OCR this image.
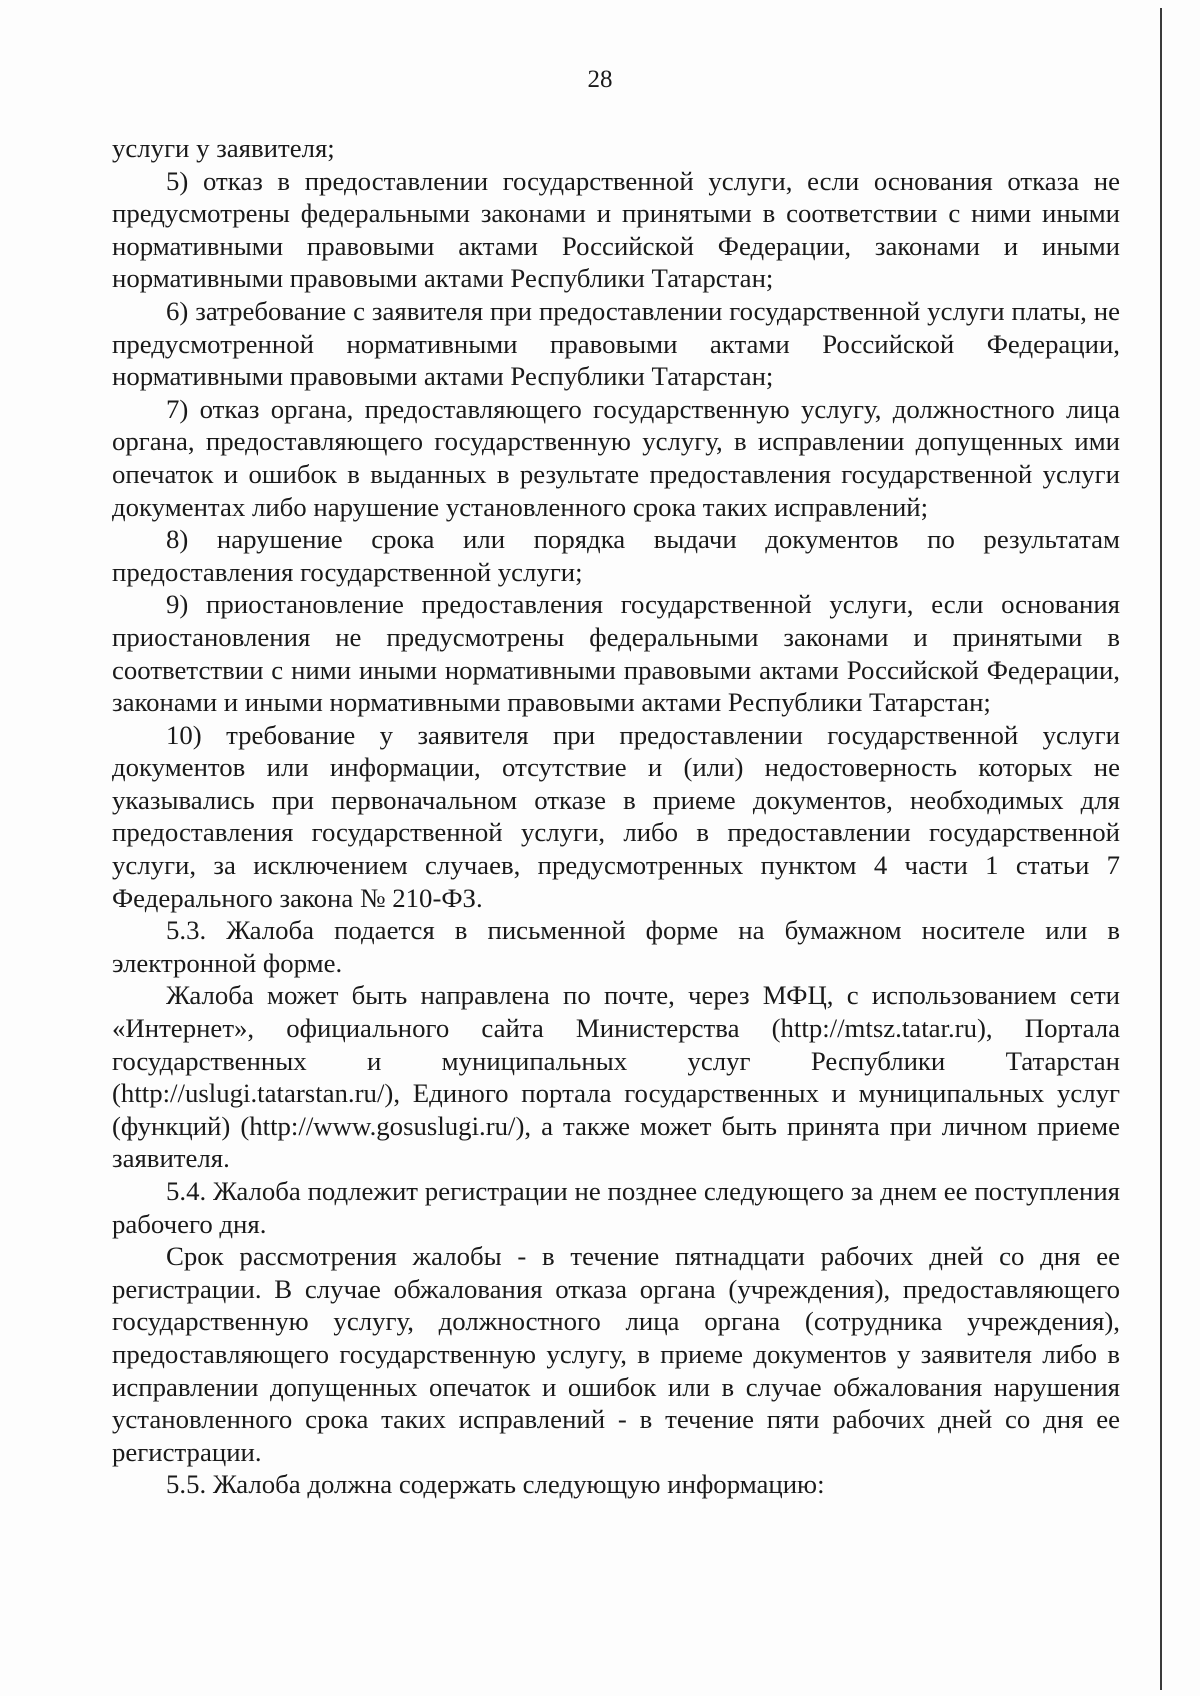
28

услуги у заявителя;

5) отказ в предоставлении государственной услуги, если основания отказа не предусмотрены федеральными законами и принятыми в соответствии с ними иными нормативными правовыми актами Российской Федерации, законами и иными нормативными правовыми актами Республики Татарстан;

6) затребование с заявителя при предоставлении государственной услуги платы, не предусмотренной нормативными правовыми актами Российской Федерации, нормативными правовыми актами Республики Татарстан;

7) отказ органа, предоставляющего государственную услугу, должностного лица органа, предоставляющего государственную услугу, в исправлении допущенных ими опечаток и ошибок в выданных в результате предоставления государственной услуги документах либо нарушение установленного срока таких исправлений;

8) нарушение срока или порядка выдачи документов по результатам предоставления государственной услуги;

9) приостановление предоставления государственной услуги, если основания приостановления не предусмотрены федеральными законами и принятыми в соответствии с ними иными нормативными правовыми актами Российской Федерации, законами и иными нормативными правовыми актами Республики Татарстан;

10) требование у заявителя при предоставлении государственной услуги документов или информации, отсутствие и (или) недостоверность которых не указывались при первоначальном отказе в приеме документов, необходимых для предоставления государственной услуги, либо в предоставлении государственной услуги, за исключением случаев, предусмотренных пунктом 4 части 1 статьи 7 Федерального закона № 210-ФЗ.

5.3. Жалоба подается в письменной форме на бумажном носителе или в электронной форме.

Жалоба может быть направлена по почте, через МФЦ, с использованием сети «Интернет», официального сайта Министерства (http://mtsz.tatar.ru), Портала государственных и муниципальных услуг Республики Татарстан (http://uslugi.tatarstan.ru/), Единого портала государственных и муниципальных услуг (функций) (http://www.gosuslugi.ru/), а также может быть принята при личном приеме заявителя.

5.4. Жалоба подлежит регистрации не позднее следующего за днем ее поступления рабочего дня.

Срок рассмотрения жалобы - в течение пятнадцати рабочих дней со дня ее регистрации. В случае обжалования отказа органа (учреждения), предоставляющего государственную услугу, должностного лица органа (сотрудника учреждения), предоставляющего государственную услугу, в приеме документов у заявителя либо в исправлении допущенных опечаток и ошибок или в случае обжалования нарушения установленного срока таких исправлений - в течение пяти рабочих дней со дня ее регистрации.

5.5. Жалоба должна содержать следующую информацию:
